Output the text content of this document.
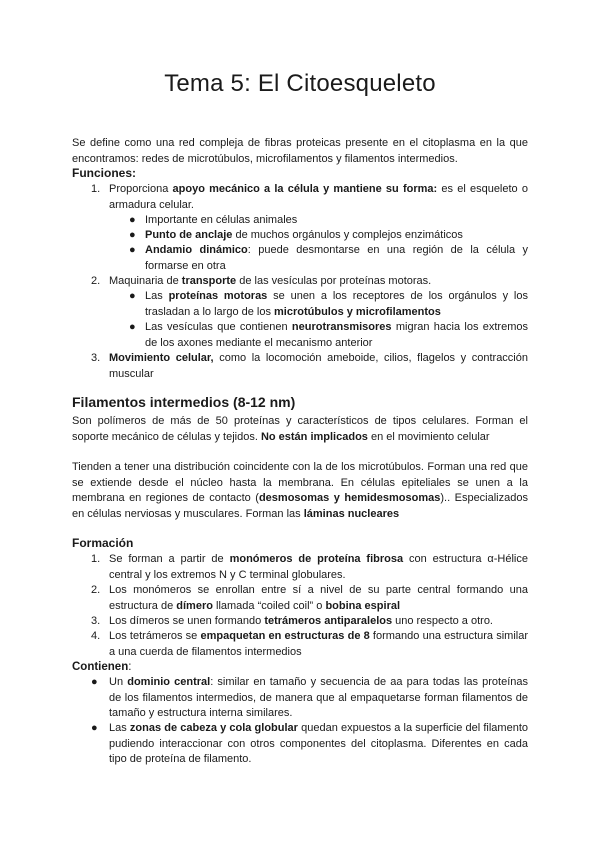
Tema 5: El Citoesqueleto

Se define como una red compleja de fibras proteicas presente en el citoplasma en la que encontramos: redes de microtúbulos, microfilamentos y filamentos intermedios.

Funciones:

1. Proporciona apoyo mecánico a la célula y mantiene su forma: es el esqueleto o armadura celular.

● Importante en células animales

● Punto de anclaje de muchos orgánulos y complejos enzimáticos

● Andamio dinámico: puede desmontarse en una región de la célula y formarse en otra

2. Maquinaria de transporte de las vesículas por proteínas motoras.

● Las proteínas motoras se unen a los receptores de los orgánulos y los trasladan a lo largo de los microtúbulos y microfilamentos

● Las vesículas que contienen neurotransmisores migran hacia los extremos de los axones mediante el mecanismo anterior

3. Movimiento celular, como la locomoción ameboide, cilios, flagelos y contracción muscular

Filamentos intermedios (8-12 nm)

Son polímeros de más de 50 proteínas y característicos de tipos celulares. Forman el soporte mecánico de células y tejidos. No están implicados en el movimiento celular

Tienden a tener una distribución coincidente con la de los microtúbulos. Forman una red que se extiende desde el núcleo hasta la membrana. En células epiteliales se unen a la membrana en regiones de contacto (desmosomas y hemidesmosomas).. Especializados en células nerviosas y musculares. Forman las láminas nucleares

Formación

1. Se forman a partir de monómeros de proteína fibrosa con estructura α-Hélice central y los extremos N y C terminal globulares.

2. Los monómeros se enrollan entre sí a nivel de su parte central formando una estructura de dímero llamada “coiled coil” o bobina espiral

3. Los dímeros se unen formando tetrámeros antiparalelos uno respecto a otro.

4. Los tetrámeros se empaquetan en estructuras de 8 formando una estructura similar a una cuerda de filamentos intermedios

Contienen:

● Un dominio central: similar en tamaño y secuencia de aa para todas las proteínas de los filamentos intermedios, de manera que al empaquetarse forman filamentos de tamaño y estructura interna similares.

● Las zonas de cabeza y cola globular quedan expuestos a la superficie del filamento pudiendo interaccionar con otros componentes del citoplasma. Diferentes en cada tipo de proteína de filamento.
